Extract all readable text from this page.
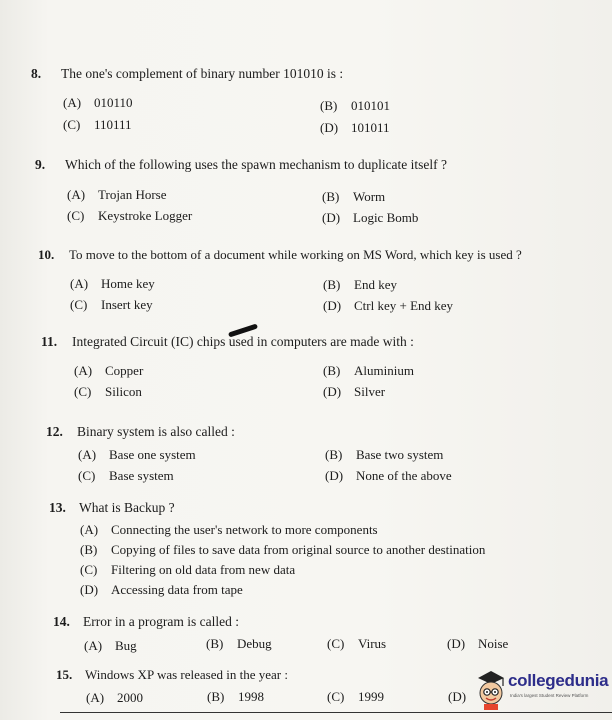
8. The one's complement of binary number 101010 is :
(A) 010110	(B) 010101
(C) 110111	(D) 101011
9. Which of the following uses the spawn mechanism to duplicate itself ?
(A) Trojan Horse	(B) Worm
(C) Keystroke Logger	(D) Logic Bomb
10. To move to the bottom of a document while working on MS Word, which key is used ?
(A) Home key	(B) End key
(C) Insert key	(D) Ctrl key + End key
11. Integrated Circuit (IC) chips used in computers are made with :
(A) Copper	(B) Aluminium
(C) Silicon	(D) Silver
12. Binary system is also called :
(A) Base one system	(B) Base two system
(C) Base system	(D) None of the above
13. What is Backup ?
(A) Connecting the user's network to more components
(B) Copying of files to save data from original source to another destination
(C) Filtering on old data from new data
(D) Accessing data from tape
14. Error in a program is called :
(A) Bug	(B) Debug	(C) Virus	(D) Noise
15. Windows XP was released in the year :
(A) 2000	(B) 1998	(C) 1999	(D)
collegedunia
India's largest Student Review Platform
